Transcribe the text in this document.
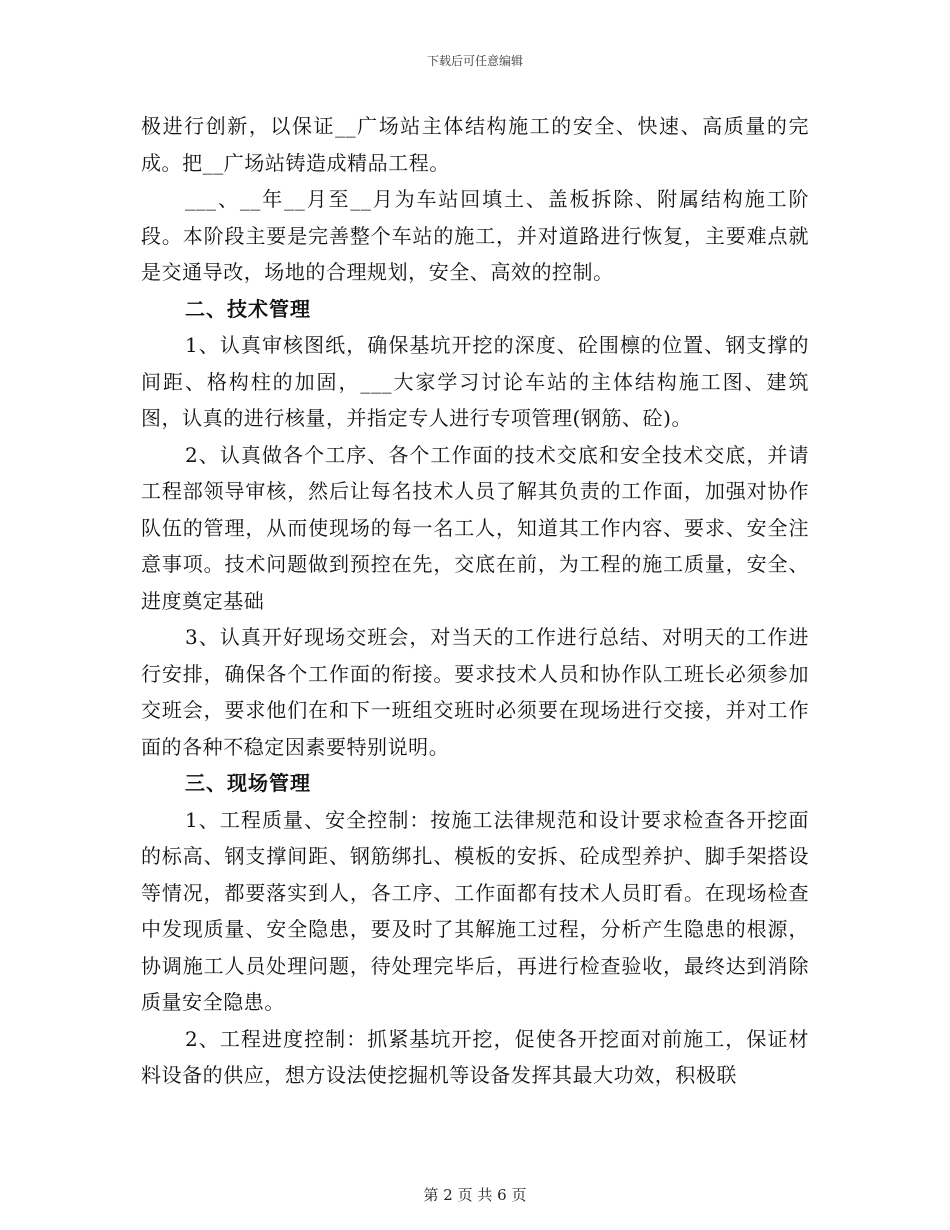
下载后可任意编辑

极进行创新，以保证__广场站主体结构施工的安全、快速、高质量的完成。把__广场站铸造成精品工程。

___、__年__月至__月为车站回填土、盖板拆除、附属结构施工阶段。本阶段主要是完善整个车站的施工，并对道路进行恢复，主要难点就是交通导改，场地的合理规划，安全、高效的控制。

二、技术管理

1、认真审核图纸，确保基坑开挖的深度、砼围檩的位置、钢支撑的间距、格构柱的加固，___大家学习讨论车站的主体结构施工图、建筑图，认真的进行核量，并指定专人进行专项管理(钢筋、砼)。

2、认真做各个工序、各个工作面的技术交底和安全技术交底，并请工程部领导审核，然后让每名技术人员了解其负责的工作面，加强对协作队伍的管理，从而使现场的每一名工人，知道其工作内容、要求、安全注意事项。技术问题做到预控在先，交底在前，为工程的施工质量，安全、进度奠定基础

3、认真开好现场交班会，对当天的工作进行总结、对明天的工作进行安排，确保各个工作面的衔接。要求技术人员和协作队工班长必须参加交班会，要求他们在和下一班组交班时必须要在现场进行交接，并对工作面的各种不稳定因素要特别说明。

三、现场管理

1、工程质量、安全控制：按施工法律规范和设计要求检查各开挖面的标高、钢支撑间距、钢筋绑扎、模板的安拆、砼成型养护、脚手架搭设等情况，都要落实到人，各工序、工作面都有技术人员盯看。在现场检查中发现质量、安全隐患，要及时了其解施工过程，分析产生隐患的根源，协调施工人员处理问题，待处理完毕后，再进行检查验收，最终达到消除质量安全隐患。

2、工程进度控制：抓紧基坑开挖，促使各开挖面对前施工，保证材料设备的供应，想方设法使挖掘机等设备发挥其最大功效，积极联

第 2 页 共 6 页
